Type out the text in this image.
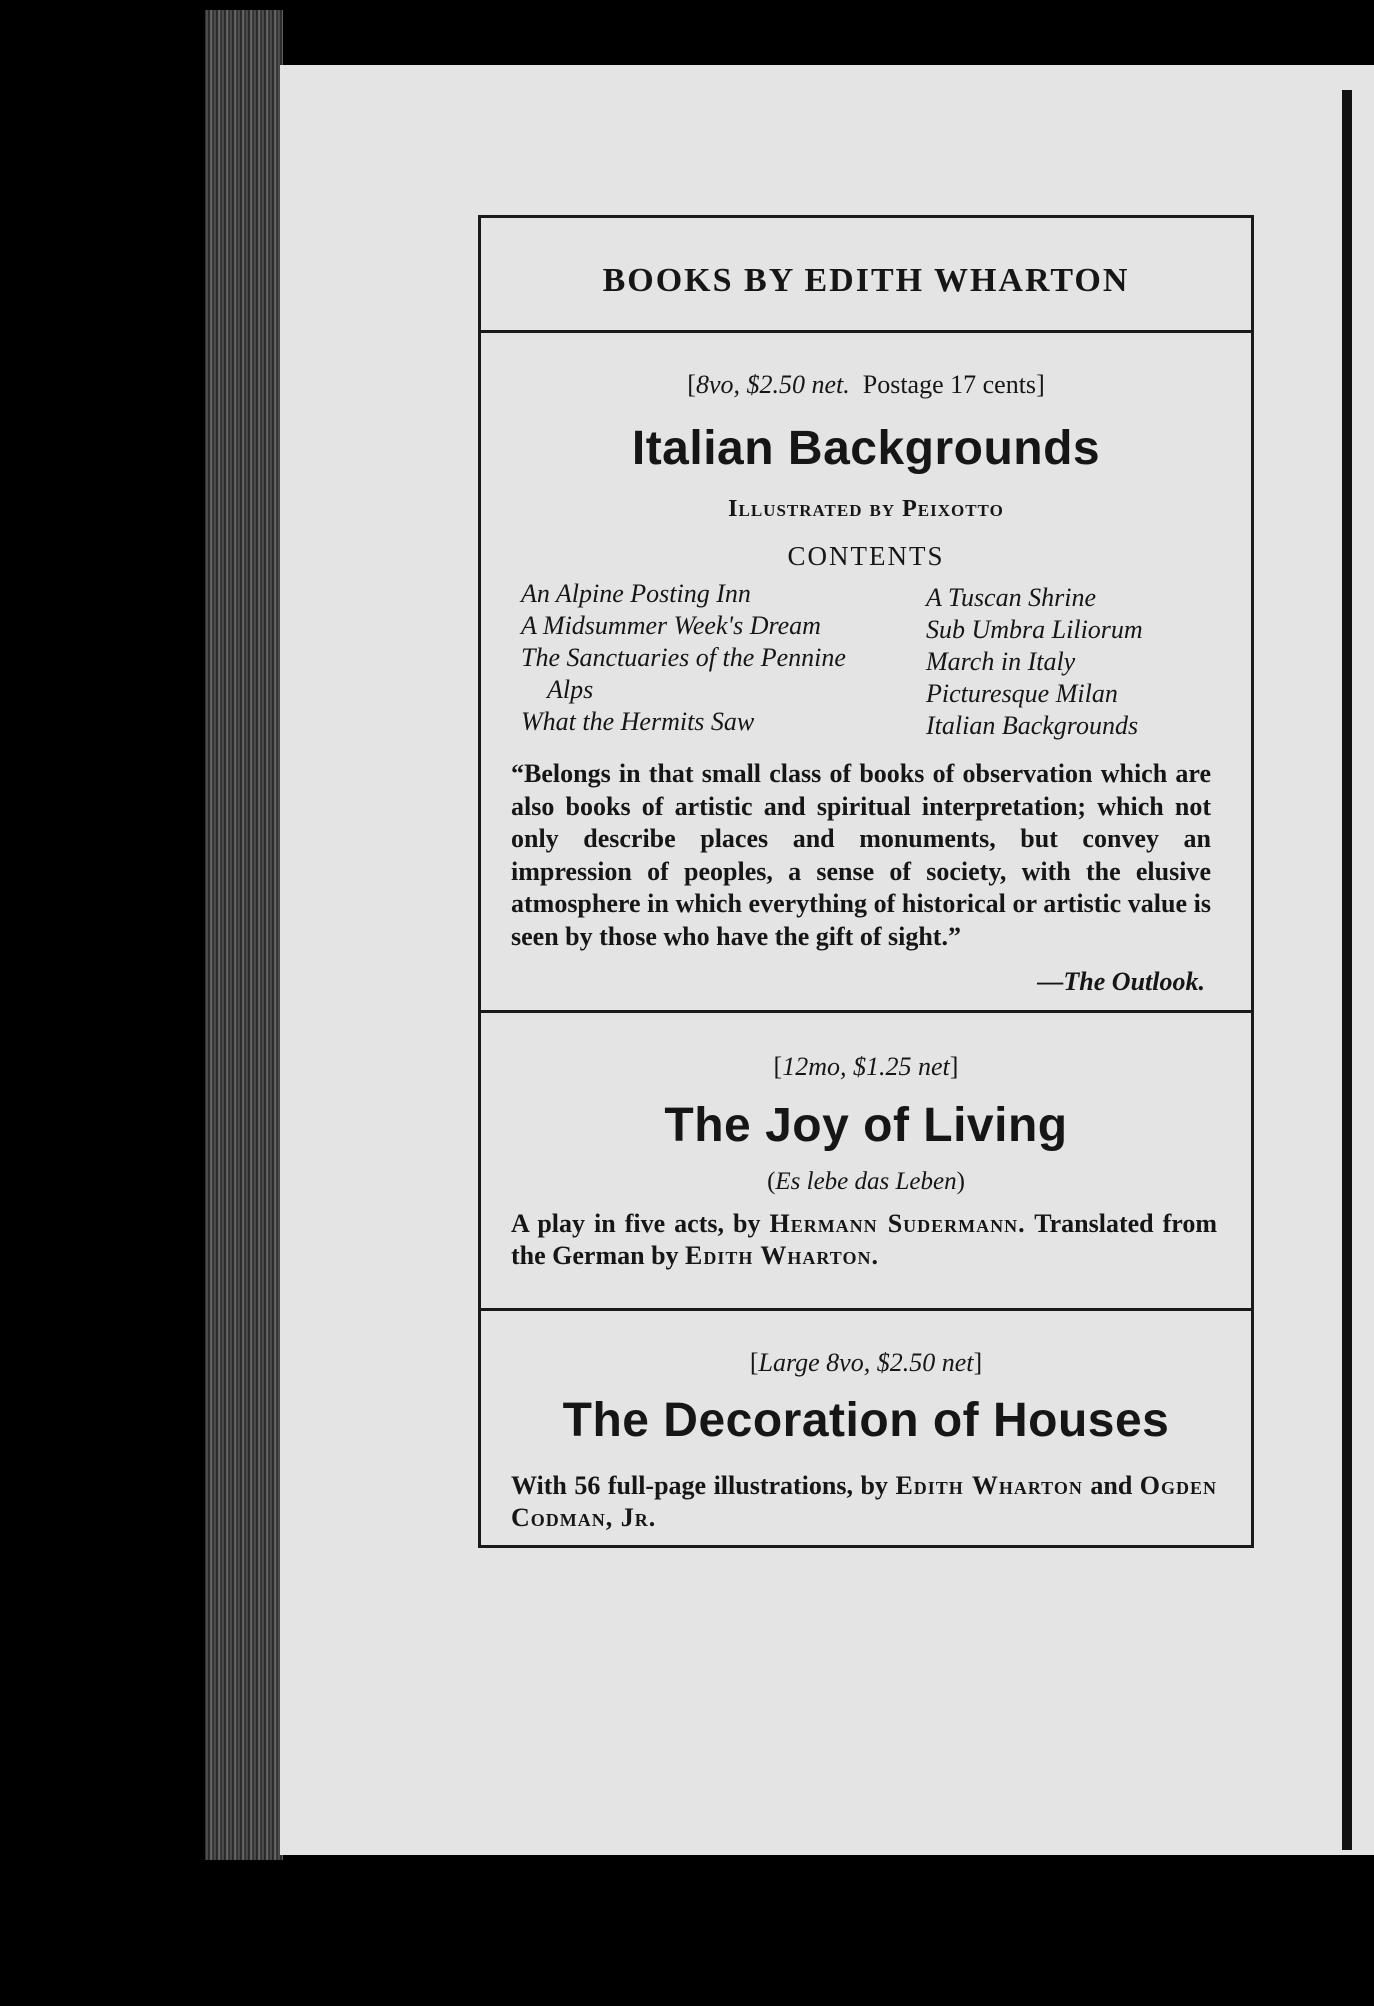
BOOKS BY EDITH WHARTON
[8vo, $2.50 net. Postage 17 cents]
Italian Backgrounds
Illustrated by Peixotto
CONTENTS
An Alpine Posting Inn
A Midsummer Week's Dream
The Sanctuaries of the Pennine
Alps
What the Hermits Saw
A Tuscan Shrine
Sub Umbra Liliorum
March in Italy
Picturesque Milan
Italian Backgrounds
“Belongs in that small class of books of observation which are also books of artistic and spiritual interpretation; which not only describe places and monuments, but convey an impression of peoples, a sense of society, with the elusive atmosphere in which everything of historical or artistic value is seen by those who have the gift of sight.”
—The Outlook.
[12mo, $1.25 net]
The Joy of Living
(Es lebe das Leben)
A play in five acts, by Hermann Sudermann. Translated from the German by Edith Wharton.
[Large 8vo, $2.50 net]
The Decoration of Houses
With 56 full-page illustrations, by Edith Wharton and Ogden Codman, Jr.
